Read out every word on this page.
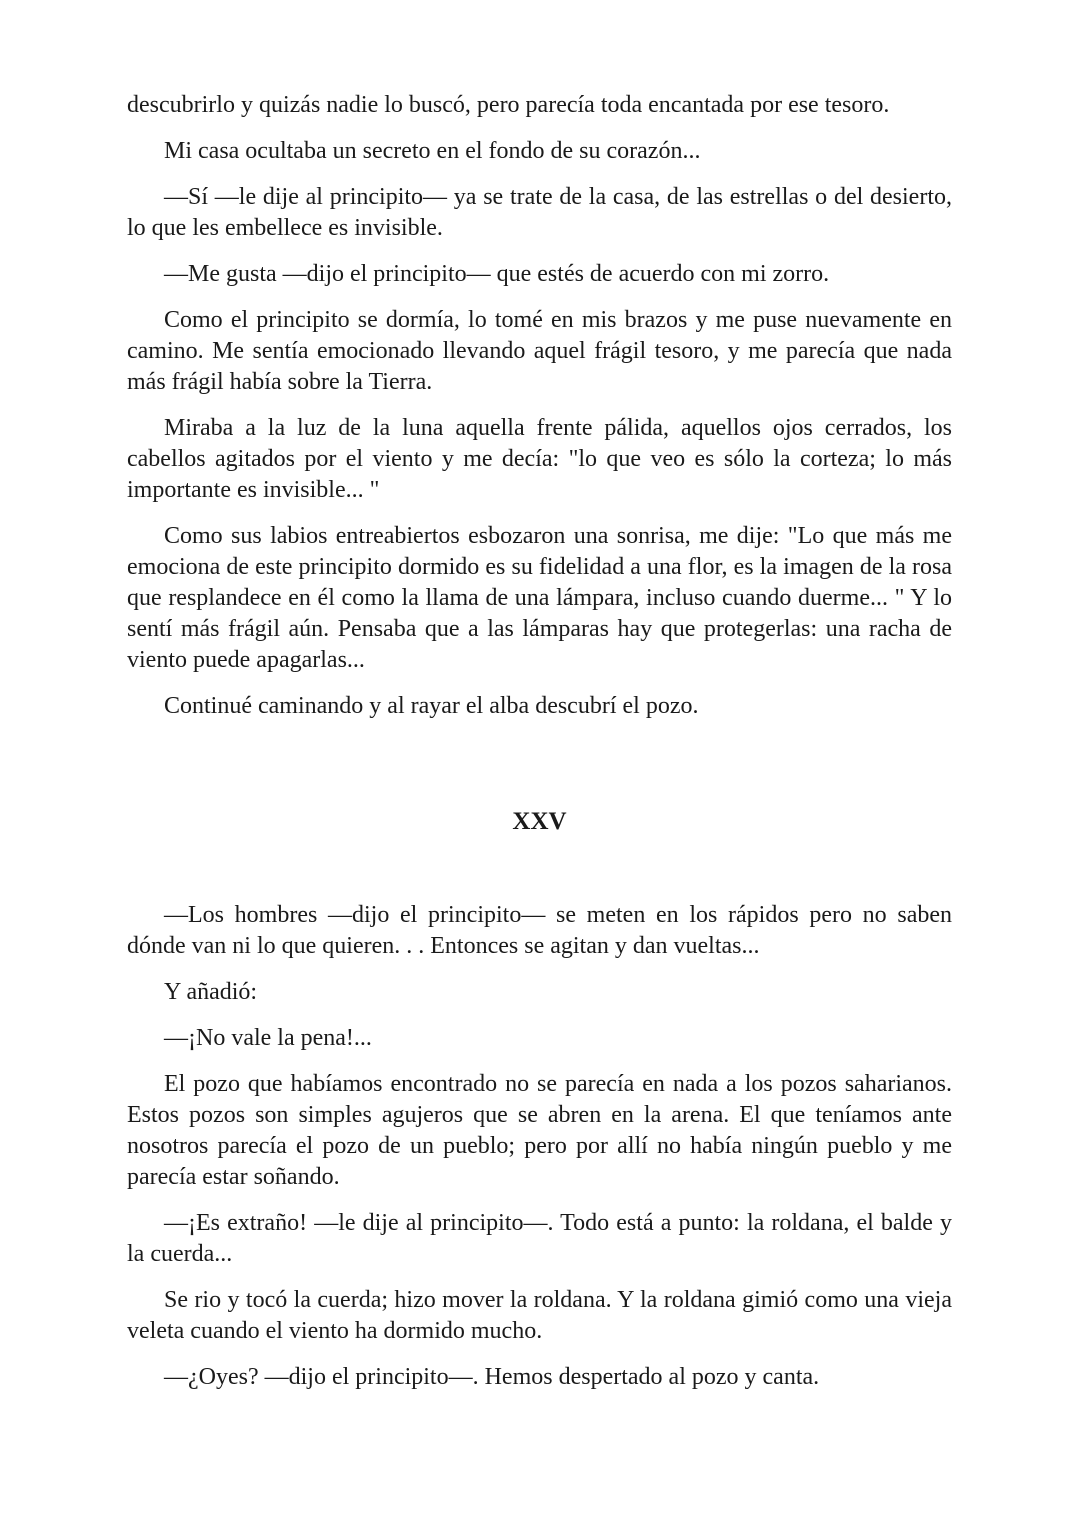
descubrirlo y quizás nadie lo buscó, pero parecía toda encantada por ese tesoro.

Mi casa ocultaba un secreto en el fondo de su corazón...

—Sí —le dije al principito— ya se trate de la casa, de las estrellas o del desierto, lo que les embellece es invisible.

—Me gusta —dijo el principito— que estés de acuerdo con mi zorro.

Como el principito se dormía, lo tomé en mis brazos y me puse nuevamente en camino. Me sentía emocionado llevando aquel frágil tesoro, y me parecía que nada más frágil había sobre la Tierra.

Miraba a la luz de la luna aquella frente pálida, aquellos ojos cerrados, los cabellos agitados por el viento y me decía: "lo que veo es sólo la corteza; lo más importante es invisible... "

Como sus labios entreabiertos esbozaron una sonrisa, me dije: "Lo que más me emociona de este principito dormido es su fidelidad a una flor, es la imagen de la rosa que resplandece en él como la llama de una lámpara, incluso cuando duerme... " Y lo sentí más frágil aún. Pensaba que a las lámparas hay que protegerlas: una racha de viento puede apagarlas...

Continué caminando y al rayar el alba descubrí el pozo.

XXV

—Los hombres —dijo el principito— se meten en los rápidos pero no saben dónde van ni lo que quieren. . . Entonces se agitan y dan vueltas...

Y añadió:

—¡No vale la pena!...

El pozo que habíamos encontrado no se parecía en nada a los pozos saharianos. Estos pozos son simples agujeros que se abren en la arena. El que teníamos ante nosotros parecía el pozo de un pueblo; pero por allí no había ningún pueblo y me parecía estar soñando.

—¡Es extraño! —le dije al principito—. Todo está a punto: la roldana, el balde y la cuerda...

Se rio y tocó la cuerda; hizo mover la roldana. Y la roldana gimió como una vieja veleta cuando el viento ha dormido mucho.

—¿Oyes? —dijo el principito—. Hemos despertado al pozo y canta.
